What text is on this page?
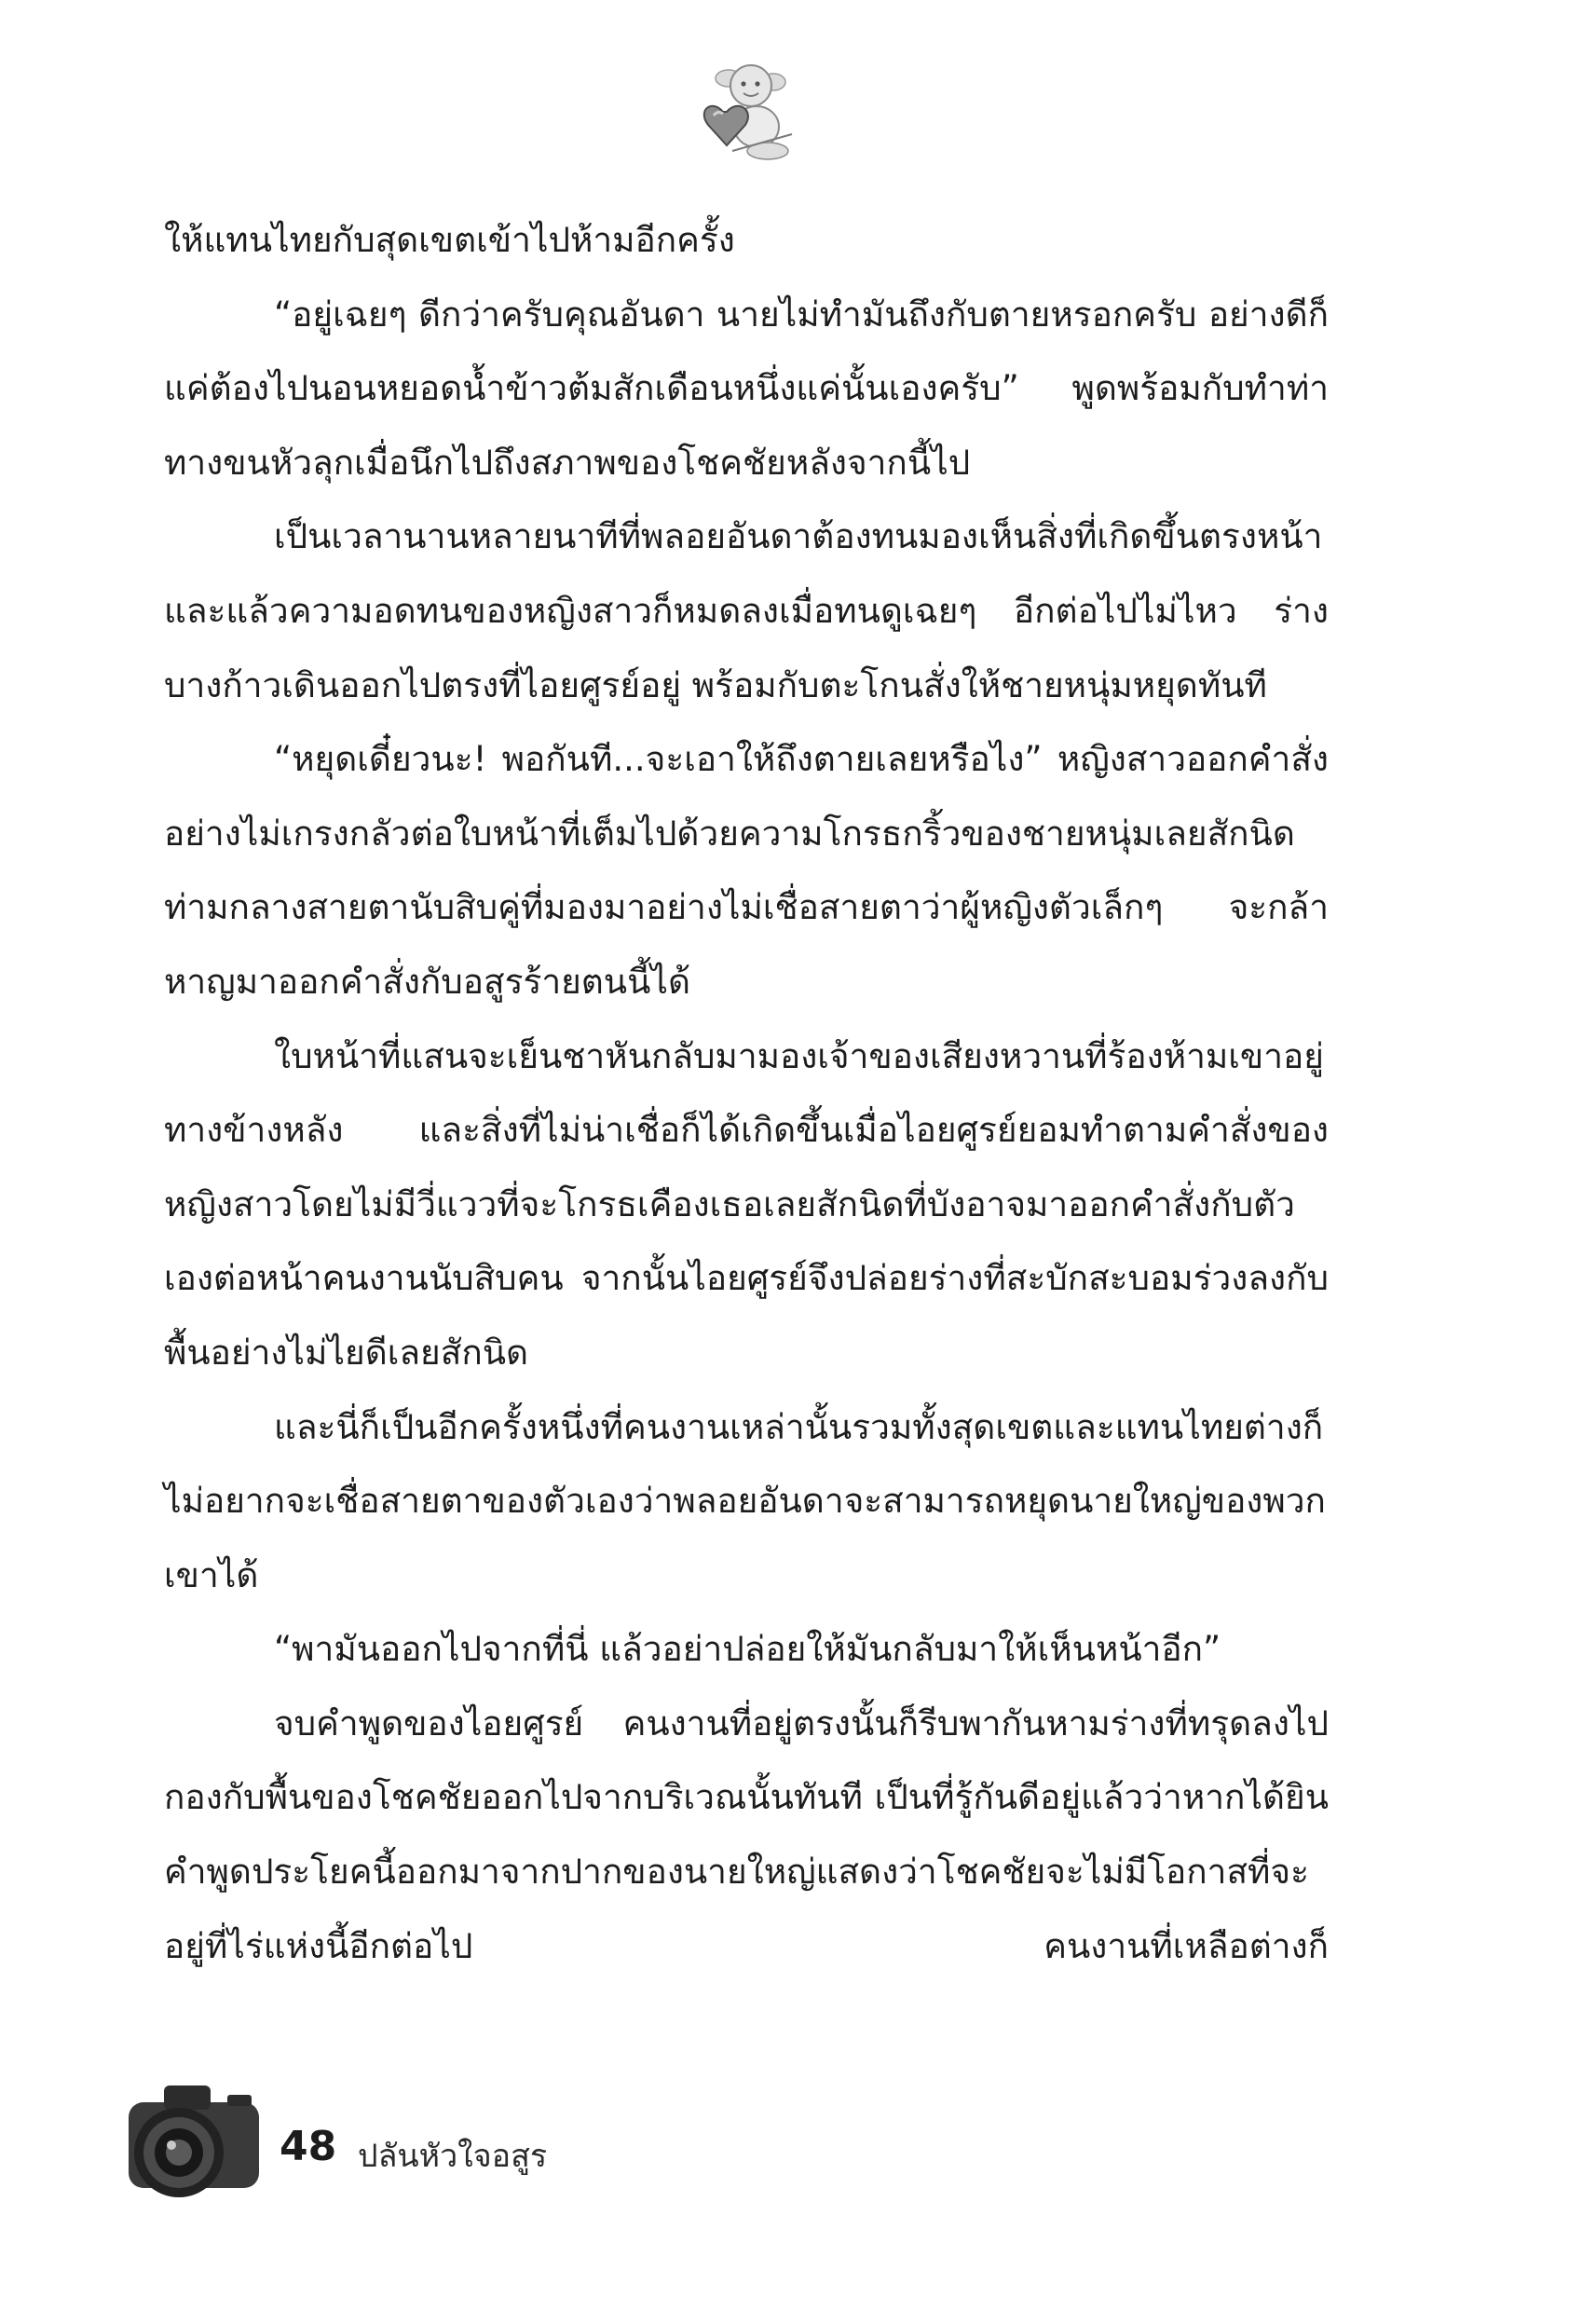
ให้แทนไทยกับสุดเขตเข้าไปห้ามอีกครั้ง

“อยู่เฉยๆ ดีกว่าครับคุณอันดา นายไม่ทำมันถึงกับตายหรอกครับ อย่างดีก็แค่ต้องไปนอนหยอดน้ำข้าวต้มสักเดือนหนึ่งแค่นั้นเองครับ” พูดพร้อมกับทำท่าทางขนหัวลุกเมื่อนึกไปถึงสภาพของโชคชัยหลังจากนี้ไป

เป็นเวลานานหลายนาทีที่พลอยอันดาต้องทนมองเห็นสิ่งที่เกิดขึ้นตรงหน้า และแล้วความอดทนของหญิงสาวก็หมดลงเมื่อทนดูเฉยๆ อีกต่อไปไม่ไหว ร่างบางก้าวเดินออกไปตรงที่ไอยศูรย์อยู่ พร้อมกับตะโกนสั่งให้ชายหนุ่มหยุดทันที

“หยุดเดี๋ยวนะ! พอกันที...จะเอาให้ถึงตายเลยหรือไง” หญิงสาวออกคำสั่งอย่างไม่เกรงกลัวต่อใบหน้าที่เต็มไปด้วยความโกรธกริ้วของชายหนุ่มเลยสักนิดท่ามกลางสายตานับสิบคู่ที่มองมาอย่างไม่เชื่อสายตาว่าผู้หญิงตัวเล็กๆ จะกล้าหาญมาออกคำสั่งกับอสูรร้ายตนนี้ได้

ใบหน้าที่แสนจะเย็นชาหันกลับมามองเจ้าของเสียงหวานที่ร้องห้ามเขาอยู่ทางข้างหลัง และสิ่งที่ไม่น่าเชื่อก็ได้เกิดขึ้นเมื่อไอยศูรย์ยอมทำตามคำสั่งของหญิงสาวโดยไม่มีวี่แววที่จะโกรธเคืองเธอเลยสักนิดที่บังอาจมาออกคำสั่งกับตัวเองต่อหน้าคนงานนับสิบคน จากนั้นไอยศูรย์จึงปล่อยร่างที่สะบักสะบอมร่วงลงกับพื้นอย่างไม่ไยดีเลยสักนิด

และนี่ก็เป็นอีกครั้งหนึ่งที่คนงานเหล่านั้นรวมทั้งสุดเขตและแทนไทยต่างก็ไม่อยากจะเชื่อสายตาของตัวเองว่าพลอยอันดาจะสามารถหยุดนายใหญ่ของพวกเขาได้

“พามันออกไปจากที่นี่ แล้วอย่าปล่อยให้มันกลับมาให้เห็นหน้าอีก”

จบคำพูดของไอยศูรย์ คนงานที่อยู่ตรงนั้นก็รีบพากันหามร่างที่ทรุดลงไปกองกับพื้นของโชคชัยออกไปจากบริเวณนั้นทันที เป็นที่รู้กันดีอยู่แล้วว่าหากได้ยินคำพูดประโยคนี้ออกมาจากปากของนายใหญ่แสดงว่าโชคชัยจะไม่มีโอกาสที่จะอยู่ที่ไร่แห่งนี้อีกต่อไป คนงานที่เหลือต่างก็

48 ปลันหัวใจอสูร
